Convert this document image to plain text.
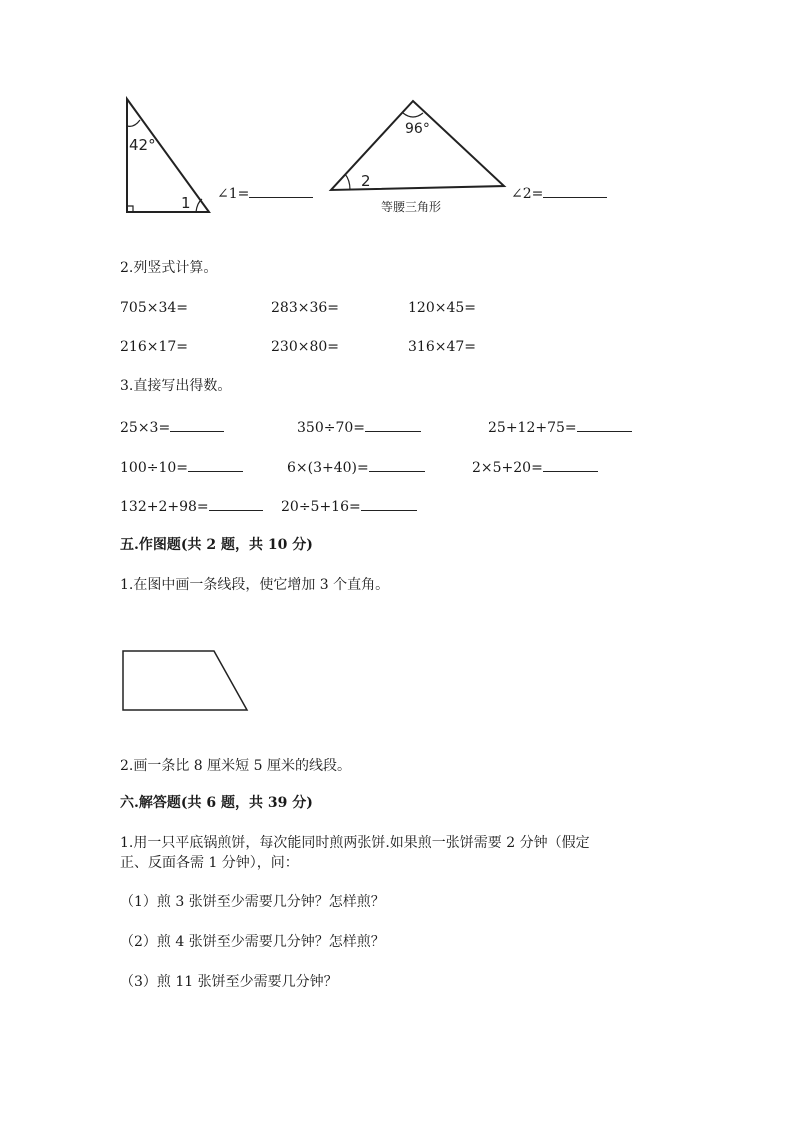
42°
1
96°
2
等腰三角形
∠1=	∠2=
2.列竖式计算。
705×34=	283×36=	120×45=
216×17=	230×80=	316×47=
3.直接写出得数。
25×3=	350÷70=	25+12+75=
100÷10=	6×(3+40)=	2×5+20=
132+2+98=	20÷5+16=
五.作图题(共 2 题，共 10 分)
1.在图中画一条线段，使它增加 3 个直角。
2.画一条比 8 厘米短 5 厘米的线段。
六.解答题(共 6 题，共 39 分)
1.用一只平底锅煎饼，每次能同时煎两张饼.如果煎一张饼需要 2 分钟（假定
正、反面各需 1 分钟），问：
（1）煎 3 张饼至少需要几分钟？怎样煎？
（2）煎 4 张饼至少需要几分钟？怎样煎？
（3）煎 11 张饼至少需要几分钟？
